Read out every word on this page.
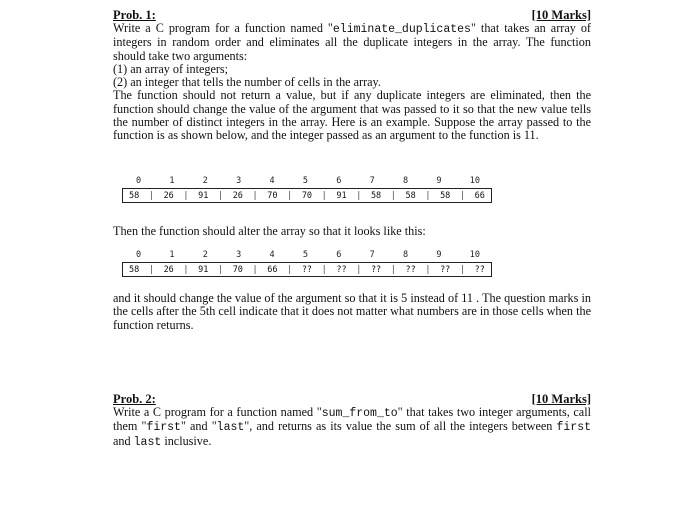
Prob. 1:	[10 Marks]

Write a C program for a function named "eliminate_duplicates" that takes an array of integers in random order and eliminates all the duplicate integers in the array. The function should take two arguments:

(1) an array of integers;

(2) an integer that tells the number of cells in the array.

The function should not return a value, but if any duplicate integers are eliminated, then the function should change the value of the argument that was passed to it so that the new value tells the number of distinct integers in the array. Here is an example. Suppose the array passed to the function is as shown below, and the integer passed as an argument to the function is 11.

0	1	2	3	4	5	6	7	8	9	10
58 | 26 | 91 | 26 | 70 | 70 | 91 | 58 | 58 | 58 | 66
Then the function should alter the array so that it looks like this:
0	1	2	3	4	5	6	7	8	9	10
58 | 26 | 91 | 70 | 66 | ?? | ?? | ?? | ?? | ?? | ??
and it should change the value of the argument so that it is 5 instead of 11 . The question marks in the cells after the 5th cell indicate that it does not matter what numbers are in those cells when the function returns.
Prob. 2:	[10 Marks]

Write a C program for a function named "sum_from_to" that takes two integer arguments, call them "first" and "last", and returns as its value the sum of all the integers between first and last inclusive.
